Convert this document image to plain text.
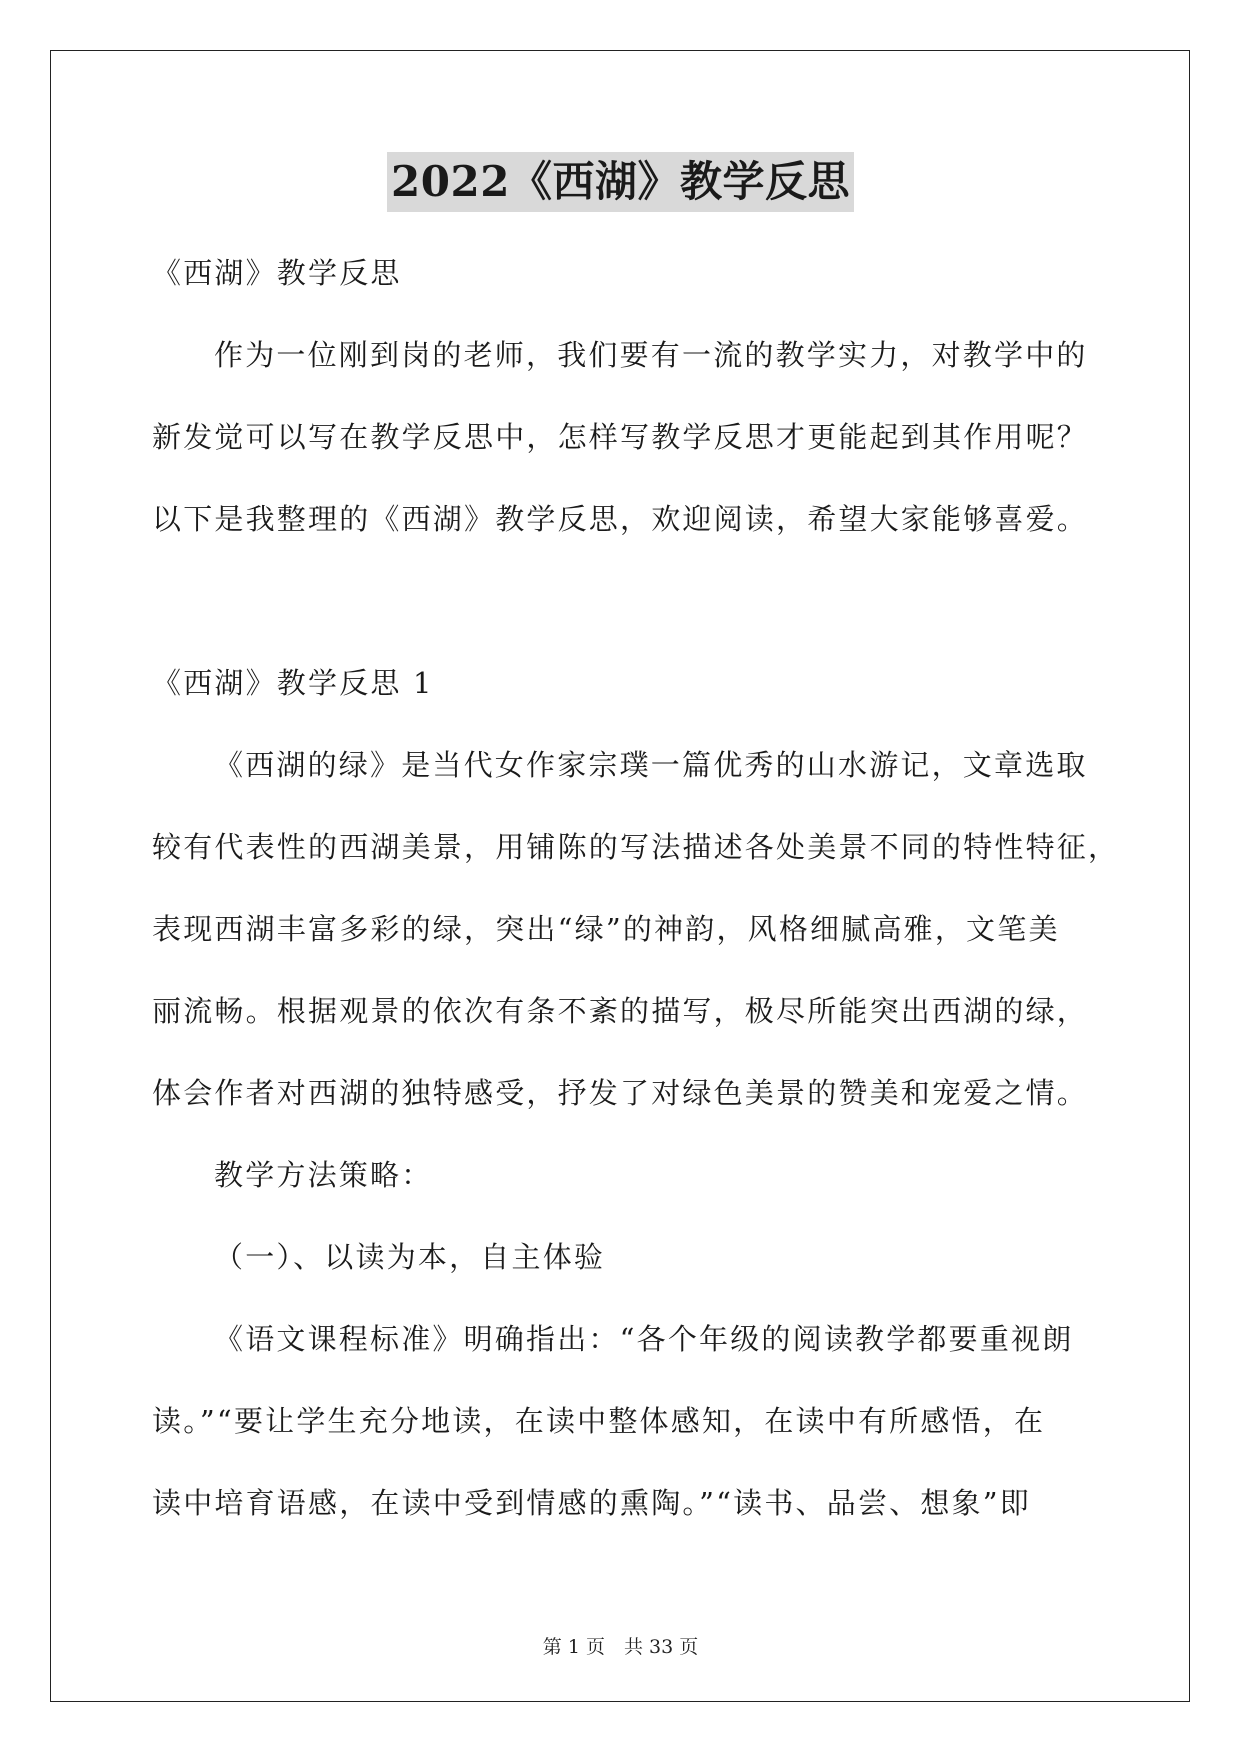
2022《西湖》教学反思

《西湖》教学反思

作为一位刚到岗的老师，我们要有一流的教学实力，对教学中的

新发觉可以写在教学反思中，怎样写教学反思才更能起到其作用呢？

以下是我整理的《西湖》教学反思，欢迎阅读，希望大家能够喜爱。

《西湖》教学反思 1

《西湖的绿》是当代女作家宗璞一篇优秀的山水游记，文章选取

较有代表性的西湖美景，用铺陈的写法描述各处美景不同的特性特征，

表现西湖丰富多彩的绿，突出“绿”的神韵，风格细腻高雅，文笔美

丽流畅。根据观景的依次有条不紊的描写，极尽所能突出西湖的绿，

体会作者对西湖的独特感受，抒发了对绿色美景的赞美和宠爱之情。

教学方法策略：

（一）、以读为本，自主体验

《语文课程标准》明确指出：“各个年级的阅读教学都要重视朗

读。”“要让学生充分地读，在读中整体感知，在读中有所感悟，在

读中培育语感，在读中受到情感的熏陶。”“读书、品尝、想象”即

第 1 页　共 33 页
